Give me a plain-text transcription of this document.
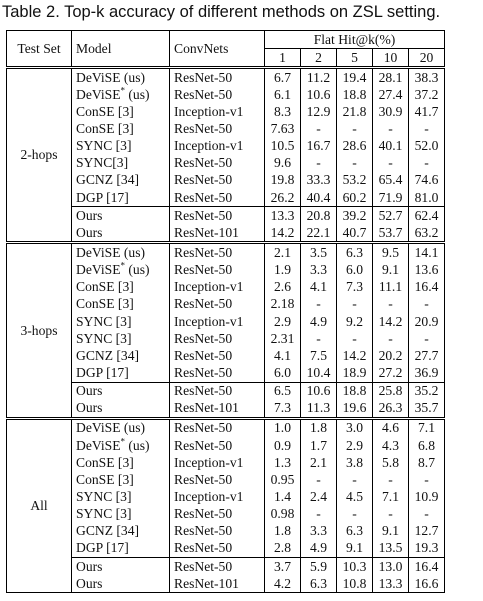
Table 2. Top-k accuracy of different methods on ZSL setting.
Test Set	Model	ConvNets	Flat Hit@k(%)				
			1	2	5	10	20
2-hops	DeViSE (us)	ResNet-50	6.7	11.2	19.4	28.1	38.3
	DeViSE* (us)	ResNet-50	6.1	10.6	18.8	27.4	37.2
	ConSE [3]	Inception-v1	8.3	12.9	21.8	30.9	41.7
	ConSE [3]	ResNet-50	7.63	-	-	-	-
	SYNC [3]	Inception-v1	10.5	16.7	28.6	40.1	52.0
	SYNC[3]	ResNet-50	9.6	-	-	-	-
	GCNZ [34]	ResNet-50	19.8	33.3	53.2	65.4	74.6
	DGP [17]	ResNet-50	26.2	40.4	60.2	71.9	81.0
	Ours	ResNet-50	13.3	20.8	39.2	52.7	62.4
	Ours	ResNet-101	14.2	22.1	40.7	53.7	63.2
3-hops	DeViSE (us)	ResNet-50	2.1	3.5	6.3	9.5	14.1
	DeViSE* (us)	ResNet-50	1.9	3.3	6.0	9.1	13.6
	ConSE [3]	Inception-v1	2.6	4.1	7.3	11.1	16.4
	ConSE [3]	ResNet-50	2.18	-	-	-	-
	SYNC [3]	Inception-v1	2.9	4.9	9.2	14.2	20.9
	SYNC [3]	ResNet-50	2.31	-	-	-	-
	GCNZ [34]	ResNet-50	4.1	7.5	14.2	20.2	27.7
	DGP [17]	ResNet-50	6.0	10.4	18.9	27.2	36.9
	Ours	ResNet-50	6.5	10.6	18.8	25.8	35.2
	Ours	ResNet-101	7.3	11.3	19.6	26.3	35.7
All	DeViSE (us)	ResNet-50	1.0	1.8	3.0	4.6	7.1
	DeViSE* (us)	ResNet-50	0.9	1.7	2.9	4.3	6.8
	ConSE [3]	Inception-v1	1.3	2.1	3.8	5.8	8.7
	ConSE [3]	ResNet-50	0.95	-	-	-	-
	SYNC [3]	Inception-v1	1.4	2.4	4.5	7.1	10.9
	SYNC [3]	ResNet-50	0.98	-	-	-	-
	GCNZ [34]	ResNet-50	1.8	3.3	6.3	9.1	12.7
	DGP [17]	ResNet-50	2.8	4.9	9.1	13.5	19.3
	Ours	ResNet-50	3.7	5.9	10.3	13.0	16.4
	Ours	ResNet-101	4.2	6.3	10.8	13.3	16.6
